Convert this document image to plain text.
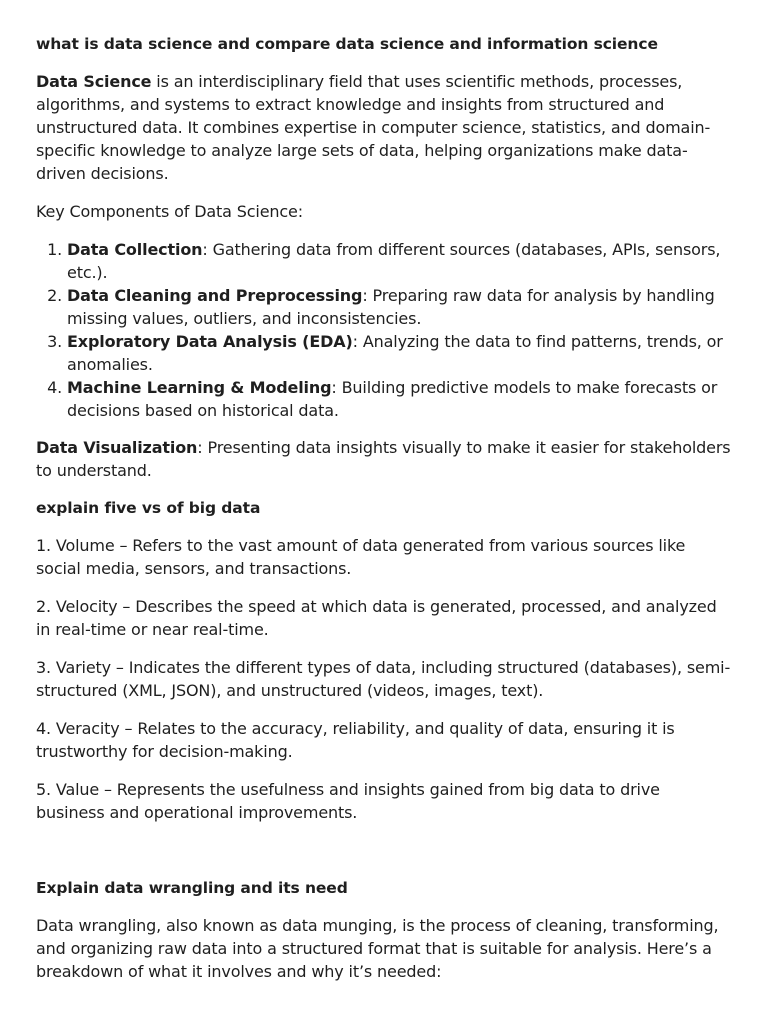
what is data science and compare data science and information science

Data Science is an interdisciplinary field that uses scientific methods, processes, algorithms, and systems to extract knowledge and insights from structured and unstructured data. It combines expertise in computer science, statistics, and domain-specific knowledge to analyze large sets of data, helping organizations make data-driven decisions.

Key Components of Data Science:

1. Data Collection: Gathering data from different sources (databases, APIs, sensors, etc.).
2. Data Cleaning and Preprocessing: Preparing raw data for analysis by handling missing values, outliers, and inconsistencies.
3. Exploratory Data Analysis (EDA): Analyzing the data to find patterns, trends, or anomalies.
4. Machine Learning & Modeling: Building predictive models to make forecasts or decisions based on historical data.

Data Visualization: Presenting data insights visually to make it easier for stakeholders to understand.

explain five vs of big data

1. Volume – Refers to the vast amount of data generated from various sources like social media, sensors, and transactions.

2. Velocity – Describes the speed at which data is generated, processed, and analyzed in real-time or near real-time.

3. Variety – Indicates the different types of data, including structured (databases), semi-structured (XML, JSON), and unstructured (videos, images, text).

4. Veracity – Relates to the accuracy, reliability, and quality of data, ensuring it is trustworthy for decision-making.

5. Value – Represents the usefulness and insights gained from big data to drive business and operational improvements.

Explain data wrangling and its need

Data wrangling, also known as data munging, is the process of cleaning, transforming, and organizing raw data into a structured format that is suitable for analysis. Here’s a breakdown of what it involves and why it’s needed:
